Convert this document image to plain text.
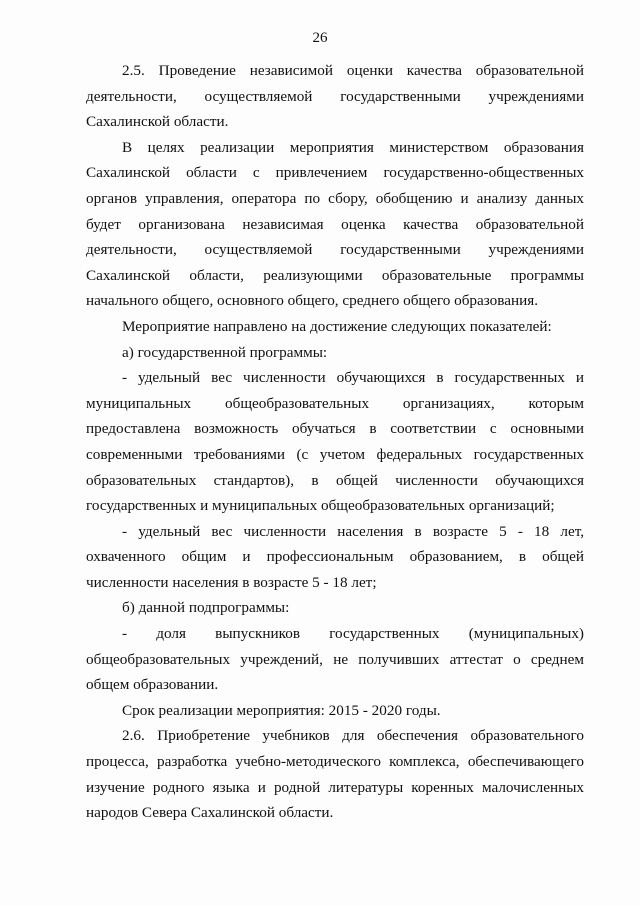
26

2.5. Проведение независимой оценки качества образовательной деятельности, осуществляемой государственными учреждениями Сахалинской области.

В целях реализации мероприятия министерством образования Сахалинской области с привлечением государственно-общественных органов управления, оператора по сбору, обобщению и анализу данных будет организована независимая оценка качества образовательной деятельности, осуществляемой государственными учреждениями Сахалинской области, реализующими образовательные программы начального общего, основного общего, среднего общего образования.

Мероприятие направлено на достижение следующих показателей:

а) государственной программы:

- удельный вес численности обучающихся в государственных и муниципальных общеобразовательных организациях, которым предоставлена возможность обучаться в соответствии с основными современными требованиями (с учетом федеральных государственных образовательных стандартов), в общей численности обучающихся государственных и муниципальных общеобразовательных организаций;

- удельный вес численности населения в возрасте 5 - 18 лет, охваченного общим и профессиональным образованием, в общей численности населения в возрасте 5 - 18 лет;

б) данной подпрограммы:

- доля выпускников государственных (муниципальных) общеобразовательных учреждений, не получивших аттестат о среднем общем образовании.

Срок реализации мероприятия: 2015 - 2020 годы.

2.6. Приобретение учебников для обеспечения образовательного процесса, разработка учебно-методического комплекса, обеспечивающего изучение родного языка и родной литературы коренных малочисленных народов Севера Сахалинской области.
